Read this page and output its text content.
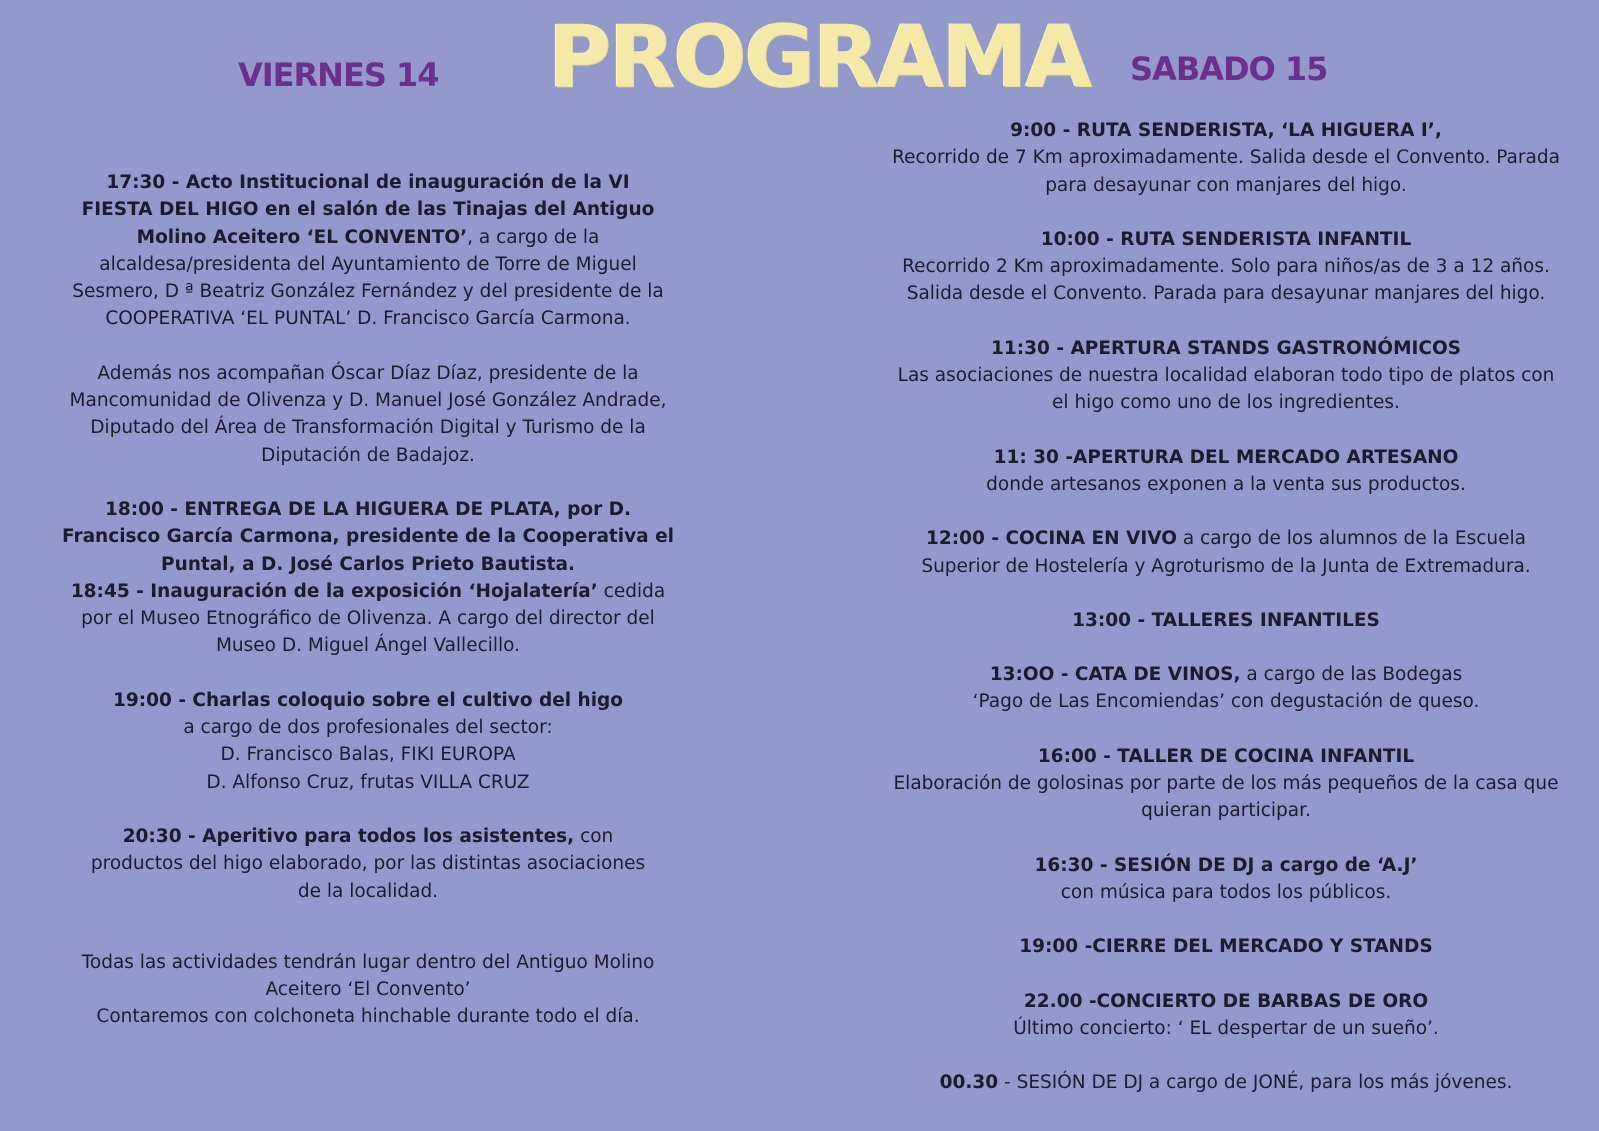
PROGRAMA
VIERNES 14	SABADO 15

17:30 - Acto Institucional de inauguración de la VI FIESTA DEL HIGO en el salón de las Tinajas del Antiguo Molino Aceitero ‘EL CONVENTO’, a cargo de la alcaldesa/presidenta del Ayuntamiento de Torre de Miguel Sesmero, D ª Beatriz González Fernández y del presidente de la COOPERATIVA ‘EL PUNTAL’ D. Francisco García Carmona.

Además nos acompañan Óscar Díaz Díaz, presidente de la Mancomunidad de Olivenza y D. Manuel José González Andrade, Diputado del Área de Transformación Digital y Turismo de la Diputación de Badajoz.

18:00 - ENTREGA DE LA HIGUERA DE PLATA, por D. Francisco García Carmona, presidente de la Cooperativa el Puntal, a D. José Carlos Prieto Bautista.

18:45 - Inauguración de la exposición ‘Hojalatería’ cedida por el Museo Etnográfico de Olivenza. A cargo del director del Museo D. Miguel Ángel Vallecillo.

19:00 - Charlas coloquio sobre el cultivo del higo
a cargo de dos profesionales del sector:
D. Francisco Balas, FIKI EUROPA
D. Alfonso Cruz, frutas VILLA CRUZ

20:30 - Aperitivo para todos los asistentes, con productos del higo elaborado, por las distintas asociaciones de la localidad.

Todas las actividades tendrán lugar dentro del Antiguo Molino Aceitero ‘El Convento’
Contaremos con colchoneta hinchable durante todo el día.

9:00 - RUTA SENDERISTA, ‘LA HIGUERA I’,
Recorrido de 7 Km aproximadamente. Salida desde el Convento. Parada para desayunar con manjares del higo.

10:00 - RUTA SENDERISTA INFANTIL
Recorrido 2 Km aproximadamente. Solo para niños/as de 3 a 12 años. Salida desde el Convento. Parada para desayunar manjares del higo.

11:30 - APERTURA STANDS GASTRONÓMICOS
Las asociaciones de nuestra localidad elaboran todo tipo de platos con el higo como uno de los ingredientes.

11: 30 -APERTURA DEL MERCADO ARTESANO
donde artesanos exponen a la venta sus productos.

12:00 - COCINA EN VIVO a cargo de los alumnos de la Escuela Superior de Hostelería y Agroturismo de la Junta de Extremadura.

13:00 - TALLERES INFANTILES

13:OO - CATA DE VINOS, a cargo de las Bodegas ‘Pago de Las Encomiendas’ con degustación de queso.

16:00 - TALLER DE COCINA INFANTIL
Elaboración de golosinas por parte de los más pequeños de la casa que quieran participar.

16:30 - SESIÓN DE DJ a cargo de ‘A.J’
con música para todos los públicos.

19:00 -CIERRE DEL MERCADO Y STANDS

22.00 -CONCIERTO DE BARBAS DE ORO
Último concierto: ‘ EL despertar de un sueño’.

00.30 - SESIÓN DE DJ a cargo de JONÉ, para los más jóvenes.
